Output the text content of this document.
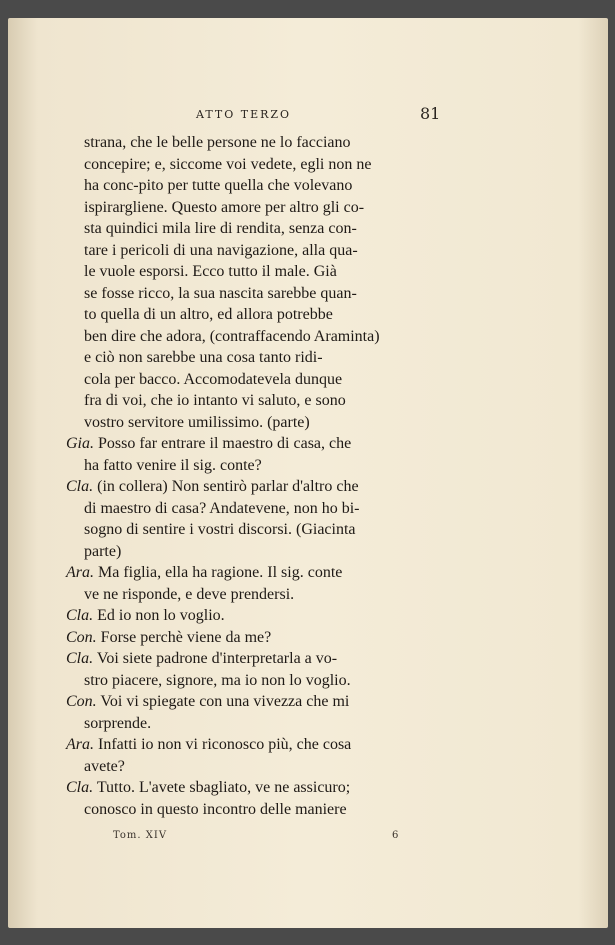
ATTO TERZO	81
strana, che le belle persone ne lo facciano
concepire; e, siccome voi vedete, egli non ne
ha conc-pito per tutte quella che volevano
ispirargliene. Questo amore per altro gli co-
sta quindici mila lire di rendita, senza con-
tare i pericoli di una navigazione, alla qua-
le vuole esporsi. Ecco tutto il male. Già
se fosse ricco, la sua nascita sarebbe quan-
to quella di un altro, ed allora potrebbe
ben dire che adora, (contraffacendo Araminta)
e ciò non sarebbe una cosa tanto ridi-
cola per bacco. Accomodatevela dunque
fra di voi, che io intanto vi saluto, e sono
vostro servitore umilissimo. (parte)
Gia. Posso far entrare il maestro di casa, che
ha fatto venire il sig. conte?
Cla. (in collera) Non sentirò parlar d'altro che
di maestro di casa? Andatevene, non ho bi-
sogno di sentire i vostri discorsi. (Giacinta
parte)
Ara. Ma figlia, ella ha ragione. Il sig. conte
ve ne risponde, e deve prendersi.
Cla. Ed io non lo voglio.
Con. Forse perchè viene da me?
Cla. Voi siete padrone d'interpretarla a vo-
stro piacere, signore, ma io non lo voglio.
Con. Voi vi spiegate con una vivezza che mi
sorprende.
Ara. Infatti io non vi riconosco più, che cosa
avete?
Cla. Tutto. L'avete sbagliato, ve ne assicuro;
conosco in questo incontro delle maniere
Tom. XIV	6
